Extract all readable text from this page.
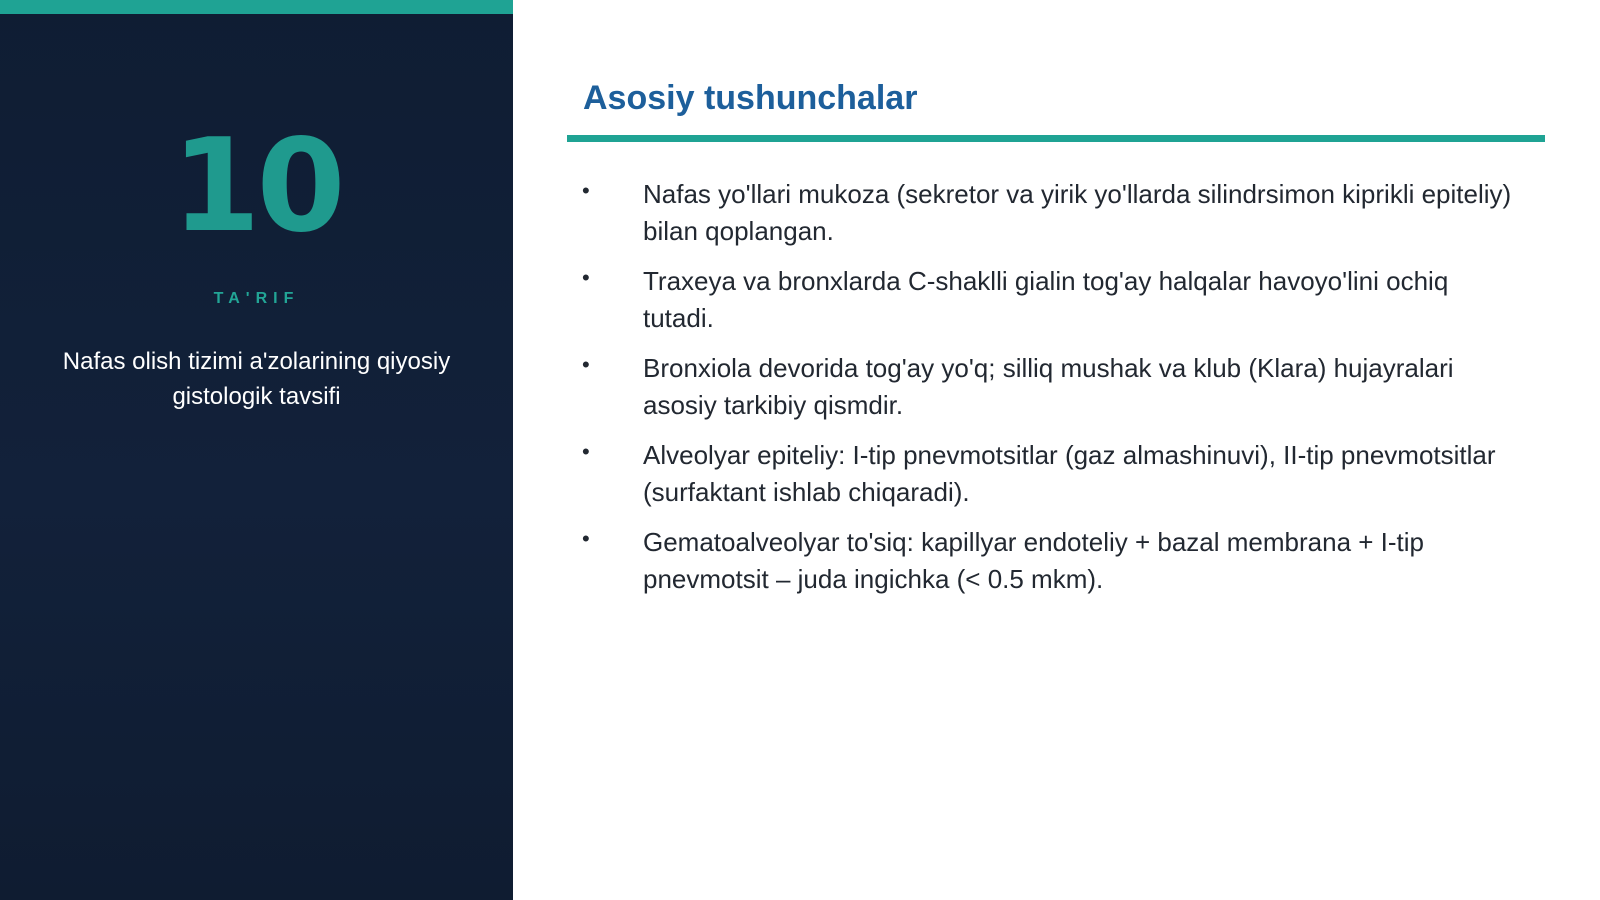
10
TA'RIF
Nafas olish tizimi a'zolarining qiyosiy gistologik tavsifi
Asosiy tushunchalar
• Nafas yo'llari mukoza (sekretor va yirik yo'llarda silindrsimon kiprikli epiteliy) bilan qoplangan.
• Traxeya va bronxlarda C-shaklli gialin tog'ay halqalar havoyo'lini ochiq tutadi.
• Bronxiola devorida tog'ay yo'q; silliq mushak va klub (Klara) hujayralari asosiy tarkibiy qismdir.
• Alveolyar epiteliy: I-tip pnevmotsitlar (gaz almashinuvi), II-tip pnevmotsitlar (surfaktant ishlab chiqaradi).
• Gematoalveolyar to'siq: kapillyar endoteliy + bazal membrana + I-tip pnevmotsit – juda ingichka (< 0.5 mkm).
